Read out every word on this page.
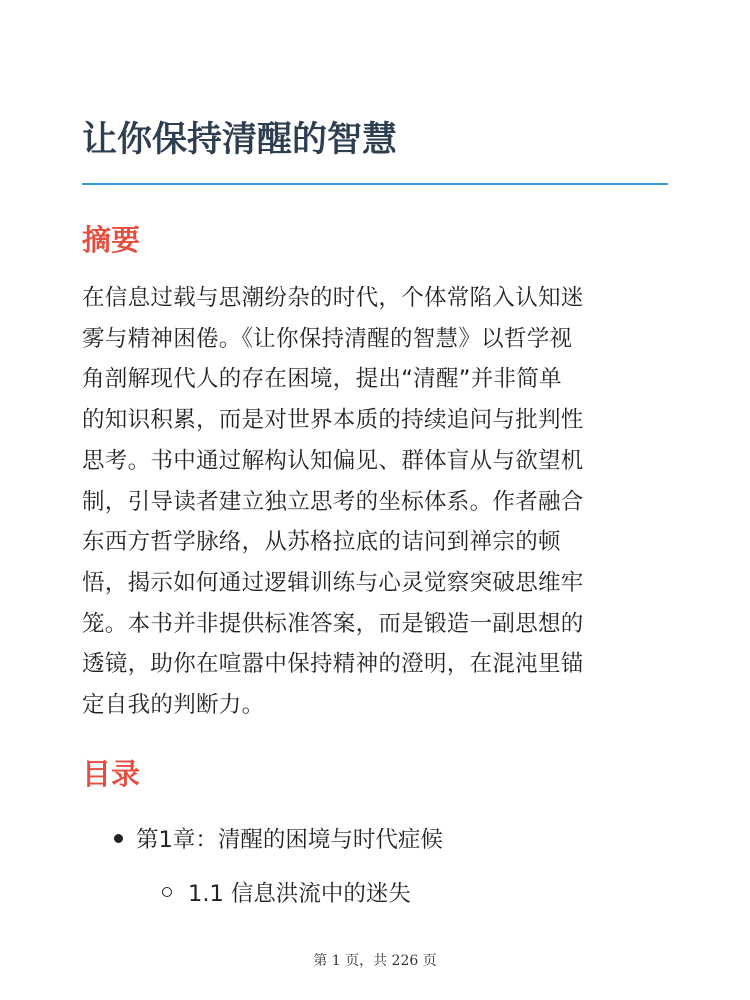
让你保持清醒的智慧
摘要

在信息过载与思潮纷杂的时代，个体常陷入认知迷
雾与精神困倦。《让你保持清醒的智慧》以哲学视
角剖解现代人的存在困境，提出“清醒”并非简单
的知识积累，而是对世界本质的持续追问与批判性
思考。书中通过解构认知偏见、群体盲从与欲望机
制，引导读者建立独立思考的坐标体系。作者融合
东西方哲学脉络，从苏格拉底的诘问到禅宗的顿
悟，揭示如何通过逻辑训练与心灵觉察突破思维牢
笼。本书并非提供标准答案，而是锻造一副思想的
透镜，助你在喧嚣中保持精神的澄明，在混沌里锚
定自我的判断力。

目录
第1章：清醒的困境与时代症候
1.1 信息洪流中的迷失
第 1 页，共 226 页
